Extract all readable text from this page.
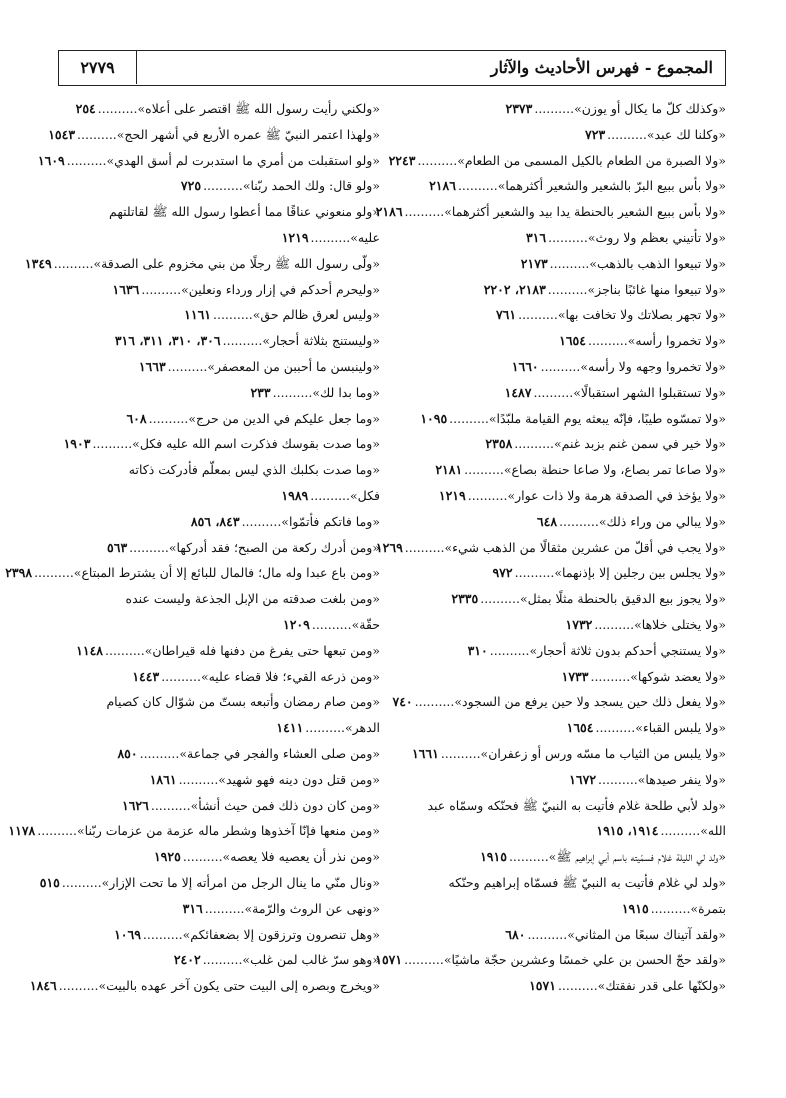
المجموع - فهرس الأحاديث والآثار
٢٧٧٩
«وكذلك كلّ ما يكال أو يوزن»..........٢٣٧٣
«وكلنا لك عبد»..........٧٢٣
«ولا الصبرة من الطعام بالكيل المسمى من الطعام»..........٢٢٤٣
«ولا بأس ببيع البرّ بالشعير والشعير أكثرهما»..........٢١٨٦
«ولا بأس ببيع الشعير بالحنطة يدا بيد والشعير أكثرهما»..........٢١٨٦
«ولا تأتيني بعظم ولا روث»..........٣١٦
«ولا تبيعوا الذهب بالذهب»..........٢١٧٣
«ولا تبيعوا منها غائبًا بناجز»..........٢١٨٣، ٢٢٠٢
«ولا تجهر بصلاتك ولا تخافت بها»..........٧٦١
«ولا تخمروا رأسه»..........١٦٥٤
«ولا تخمروا وجهه ولا رأسه»..........١٦٦٠
«ولا تستقبلوا الشهر استقبالًا»..........١٤٨٧
«ولا تمسّوه طيبًا، فإنّه يبعثه يوم القيامة ملبّدًا»..........١٠٩٥
«ولا خير في سمن غنم بزبد غنم»..........٢٣٥٨
«ولا صاعا تمر بصاع، ولا صاعا حنطة بصاع»..........٢١٨١
«ولا يؤخذ في الصدقة هرمة ولا ذات عوار»..........١٢١٩
«ولا يبالي من وراء ذلك»..........٦٤٨
«ولا يجب في أقلّ من عشرين مثقالًا من الذهب شيء»..........١٢٦٩
«ولا يجلس بين رجلين إلا بإذنهما»..........٩٧٢
«ولا يجوز بيع الدقيق بالحنطة مثلًا بمثل»..........٢٣٣٥
«ولا يختلى خلاها»..........١٧٣٢
«ولا يستنجي أحدكم بدون ثلاثة أحجار»..........٣١٠
«ولا يعضد شوكها»..........١٧٣٣
«ولا يفعل ذلك حين يسجد ولا حين يرفع من السجود»..........٧٤٠
«ولا يلبس القباء»..........١٦٥٤
«ولا يلبس من الثياب ما مسّه ورس أو زعفران»..........١٦٦١
«ولا ينفر صيدها»..........١٦٧٢
«ولد لأبي طلحة غلام فأتيت به النبيّ ﷺ فحنّكه وسمّاه عبد
الله»..........١٩١٤، ١٩١٥
«ولد لي الليلة غلام فسمّيته باسم أبي إبراهيم ﷺ»..........١٩١٥
«ولد لي غلام فأتيت به النبيّ ﷺ فسمّاه إبراهيم وحنّكه
بتمرة»..........١٩١٥
«ولقد آتيناك سبعًا من المثاني»..........٦٨٠
«ولقد حجّ الحسن بن علي خمسًا وعشرين حجّة ماشيًا»..........١٥٧١
«ولكنّها على قدر نفقتك»..........١٥٧١
«ولكني رأيت رسول الله ﷺ اقتصر على أعلاه»..........٢٥٤
«ولهذا اعتمر النبيّ ﷺ عمره الأربع في أشهر الحج»..........١٥٤٣
«ولو استقبلت من أمري ما استدبرت لم أسق الهدي»..........١٦٠٩
«ولو قال: ولك الحمد ربّنا»..........٧٢٥
«ولو منعوني عناقًا مما أعطوا رسول الله ﷺ لقاتلتهم
عليه»..........١٢١٩
«ولّى رسول الله ﷺ رجلًا من بني مخزوم على الصدقة»..........١٣٤٩
«وليحرم أحدكم في إزار ورداء ونعلين»..........١٦٣٦
«وليس لعرق ظالم حق»..........١١٦١
«وليستنج بثلاثة أحجار»..........٣٠٦، ٣١٠، ٣١١، ٣١٦
«ولينبسن ما أحببن من المعصفر»..........١٦٦٣
«وما بدا لك»..........٢٣٣
«وما جعل عليكم في الدين من حرج»..........٦٠٨
«وما صدت بقوسك فذكرت اسم الله عليه فكل»..........١٩٠٣
«وما صدت بكلبك الذي ليس بمعلّم فأدركت ذكاته
فكل»..........١٩٨٩
«وما فاتكم فأتمّوا»..........٨٤٣، ٨٥٦
«ومن أدرك ركعة من الصبح؛ فقد أدركها»..........٥٦٣
«ومن باع عبدا وله مال؛ فالمال للبائع إلا أن يشترط المبتاع»..........٢٣٩٨
«ومن بلغت صدقته من الإبل الجذعة وليست عنده
حقّة»..........١٢٠٩
«ومن تبعها حتى يفرغ من دفنها فله قيراطان»..........١١٤٨
«ومن ذرعه القيء؛ فلا قضاء عليه»..........١٤٤٣
«ومن صام رمضان وأتبعه بستّ من شوّال كان كصيام
الدهر»..........١٤١١
«ومن صلى العشاء والفجر في جماعة»..........٨٥٠
«ومن قتل دون دينه فهو شهيد»..........١٨٦١
«ومن كان دون ذلك فمن حيث أنشأ»..........١٦٢٦
«ومن منعها فإنّا آخذوها وشطر ماله عزمة من عزمات ربّنا»..........١١٧٨
«ومن نذر أن يعصيه فلا يعصه»..........١٩٢٥
«ونال منّي ما ينال الرجل من امرأته إلا ما تحت الإزار»..........٥١٥
«ونهى عن الروث والرّمة»..........٣١٦
«وهل تنصرون وترزقون إلا بضعفائكم»..........١٠٦٩
«وهو سرّ غالب لمن غلب»..........٢٤٠٢
«ويخرج وبصره إلى البيت حتى يكون آخر عهده بالبيت»..........١٨٤٦
